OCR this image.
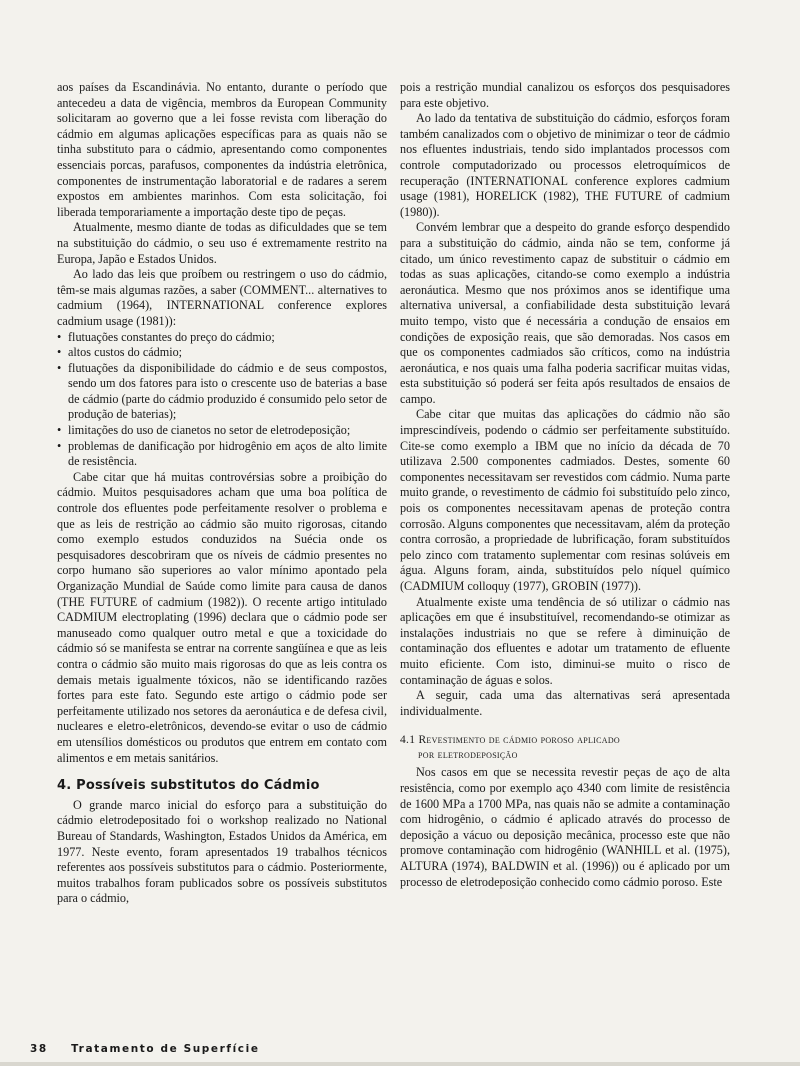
aos países da Escandinávia. No entanto, durante o período que antecedeu a data de vigência, membros da European Community solicitaram ao governo que a lei fosse revista com liberação do cádmio em algumas aplicações específicas para as quais não se tinha substituto para o cádmio, apresentando como componentes essenciais porcas, parafusos, componentes da indústria eletrônica, componentes de instrumentação laboratorial e de radares a serem expostos em ambientes marinhos. Com esta solicitação, foi liberada temporariamente a importação deste tipo de peças.

Atualmente, mesmo diante de todas as dificuldades que se tem na substituição do cádmio, o seu uso é extremamente restrito na Europa, Japão e Estados Unidos.

Ao lado das leis que proíbem ou restringem o uso do cádmio, têm-se mais algumas razões, a saber (COMMENT... alternatives to cadmium (1964), INTERNATIONAL conference explores cadmium usage (1981)):

• flutuações constantes do preço do cádmio;
• altos custos do cádmio;
• flutuações da disponibilidade do cádmio e de seus compostos, sendo um dos fatores para isto o crescente uso de baterias a base de cádmio (parte do cádmio produzido é consumido pelo setor de produção de baterias);
• limitações do uso de cianetos no setor de eletrodeposição;
• problemas de danificação por hidrogênio em aços de alto limite de resistência.

Cabe citar que há muitas controvérsias sobre a proibição do cádmio. Muitos pesquisadores acham que uma boa política de controle dos efluentes pode perfeitamente resolver o problema e que as leis de restrição ao cádmio são muito rigorosas, citando como exemplo estudos conduzidos na Suécia onde os pesquisadores descobriram que os níveis de cádmio presentes no corpo humano são superiores ao valor mínimo apontado pela Organização Mundial de Saúde como limite para causa de danos (THE FUTURE of cadmium (1982)). O recente artigo intitulado CADMIUM electroplating (1996) declara que o cádmio pode ser manuseado como qualquer outro metal e que a toxicidade do cádmio só se manifesta se entrar na corrente sangüínea e que as leis contra o cádmio são muito mais rigorosas do que as leis contra os demais metais igualmente tóxicos, não se identificando razões fortes para este fato. Segundo este artigo o cádmio pode ser perfeitamente utilizado nos setores da aeronáutica e de defesa civil, nucleares e eletro-eletrônicos, devendo-se evitar o uso de cádmio em utensílios domésticos ou produtos que entrem em contato com alimentos e em metais sanitários.

4. Possíveis substitutos do Cádmio

O grande marco inicial do esforço para a substituição do cádmio eletrodepositado foi o workshop realizado no National Bureau of Standards, Washington, Estados Unidos da América, em 1977. Neste evento, foram apresentados 19 trabalhos técnicos referentes aos possíveis substitutos para o cádmio. Posteriormente, muitos trabalhos foram publicados sobre os possíveis substitutos para o cádmio,

pois a restrição mundial canalizou os esforços dos pesquisadores para este objetivo.

Ao lado da tentativa de substituição do cádmio, esforços foram também canalizados com o objetivo de minimizar o teor de cádmio nos efluentes industriais, tendo sido implantados processos com controle computadorizado ou processos eletroquímicos de recuperação (INTERNATIONAL conference explores cadmium usage (1981), HORELICK (1982), THE FUTURE of cadmium (1980)).

Convém lembrar que a despeito do grande esforço despendido para a substituição do cádmio, ainda não se tem, conforme já citado, um único revestimento capaz de substituir o cádmio em todas as suas aplicações, citando-se como exemplo a indústria aeronáutica. Mesmo que nos próximos anos se identifique uma alternativa universal, a confiabilidade desta substituição levará muito tempo, visto que é necessária a condução de ensaios em condições de exposição reais, que são demoradas. Nos casos em que os componentes cadmiados são críticos, como na indústria aeronáutica, e nos quais uma falha poderia sacrificar muitas vidas, esta substituição só poderá ser feita após resultados de ensaios de campo.

Cabe citar que muitas das aplicações do cádmio não são imprescindíveis, podendo o cádmio ser perfeitamente substituído. Cite-se como exemplo a IBM que no início da década de 70 utilizava 2.500 componentes cadmiados. Destes, somente 60 componentes necessitavam ser revestidos com cádmio. Numa parte muito grande, o revestimento de cádmio foi substituído pelo zinco, pois os componentes necessitavam apenas de proteção contra corrosão. Alguns componentes que necessitavam, além da proteção contra corrosão, a propriedade de lubrificação, foram substituídos pelo zinco com tratamento suplementar com resinas solúveis em água. Alguns foram, ainda, substituídos pelo níquel químico (CADMIUM colloquy (1977), GROBIN (1977)).

Atualmente existe uma tendência de só utilizar o cádmio nas aplicações em que é insubstituível, recomendando-se otimizar as instalações industriais no que se refere à diminuição de contaminação dos efluentes e adotar um tratamento de efluente muito eficiente. Com isto, diminui-se muito o risco de contaminação de águas e solos.

A seguir, cada uma das alternativas será apresentada individualmente.

4.1 Revestimento de cádmio poroso aplicado
por eletrodeposição

Nos casos em que se necessita revestir peças de aço de alta resistência, como por exemplo aço 4340 com limite de resistência de 1600 MPa a 1700 MPa, nas quais não se admite a contaminação com hidrogênio, o cádmio é aplicado através do processo de deposição a vácuo ou deposição mecânica, processo este que não promove contaminação com hidrogênio (WANHILL et al. (1975), ALTURA (1974), BALDWIN et al. (1996)) ou é aplicado por um processo de eletrodeposição conhecido como cádmio poroso. Este

38 Tratamento de Superfície
